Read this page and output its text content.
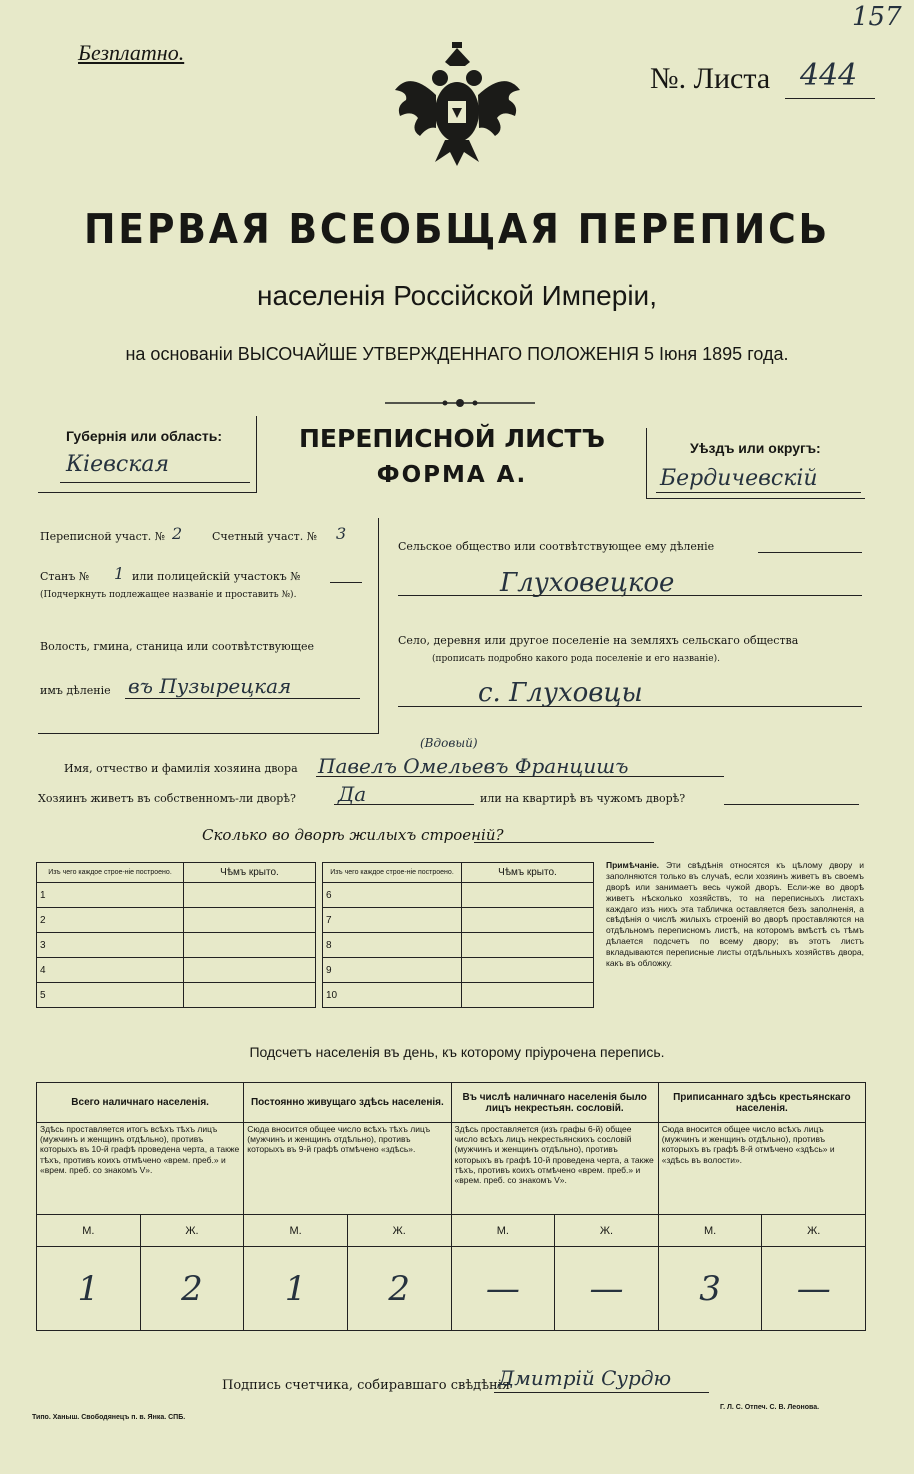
Безплатно.
157
№. Листа 444
ПЕРВАЯ ВСЕОБЩАЯ ПЕРЕПИСЬ
населенія Россійской Имперіи,
на основаніи ВЫСОЧАЙШЕ УТВЕРЖДЕННАГО ПОЛОЖЕНІЯ 5 Іюня 1895 года.
Губернія или область:
Кіевская
ПЕРЕПИСНОЙ ЛИСТЪ
ФОРМА А.
Уѣздъ или округъ:
Бердичевскій
Переписной участ. № 2	Счетный участ. № 3
Станъ № 1 или полицейскій участокъ №
(Подчеркнуть подлежащее названіе и проставить №).
Волость, гмина, станица или соотвѣтствующее
имъ дѣленіе въ Пузырецкая
Сельское общество или соотвѣтствующее ему дѣленіе
Глуховецкое
Село, деревня или другое поселеніе на земляхъ сельскаго общества
(прописать подробно какого рода поселеніе и его названіе).
с. Глуховцы
Имя, отчество и фамилія хозяина двора
(Вдовый)
Павелъ Омельевъ Францишъ
Хозяинъ живетъ въ собственномъ-ли дворѣ? Да	или на квартирѣ въ чужомъ дворѣ?
Сколько во дворѣ жилыхъ строеній?
Изъ чего каждое строе-ніе построено.	Чѣмъ крыто.
1	
2	
3	
4	
5	
Изъ чего каждое строе-ніе построено.	Чѣмъ крыто.
6	
7	
8	
9	
10	
Примѣчаніе. Эти свѣдѣнія относятся къ цѣлому двору и заполняются только въ случаѣ, если хозяинъ живетъ въ своемъ дворѣ или занимаетъ весь чужой дворъ. Если-же во дворѣ живетъ нѣсколько хозяйствъ, то на переписныхъ листахъ каждаго изъ нихъ эта табличка оставляется безъ заполненія, а свѣдѣнія о числѣ жилыхъ строеній во дворѣ проставляются на отдѣльномъ переписномъ листѣ, на которомъ вмѣстѣ съ тѣмъ дѣлается подсчетъ по всему двору; въ этотъ листъ вкладываются переписные листы отдѣльныхъ хозяйствъ двора, какъ въ обложку.
Подсчетъ населенія въ день, къ которому пріурочена перепись.
Всего наличнаго населенія.		Постоянно живущаго здѣсь населенія.		Въ числѣ наличнаго населенія было лицъ некрестьян. сословій.		Приписаннаго здѣсь крестьянскаго населенія.	
Здѣсь проставляется итогъ всѣхъ тѣхъ лицъ (мужчинъ и женщинъ отдѣльно), противъ которыхъ въ 10-й графѣ проведена черта, а также тѣхъ, противъ коихъ отмѣчено «врем. преб.» и «врем. преб. со знакомъ V».		Сюда вносится общее число всѣхъ тѣхъ лицъ (мужчинъ и женщинъ отдѣльно), противъ которыхъ въ 9-й графѣ отмѣчено «здѣсь».		Здѣсь проставляется (изъ графы 6-й) общее число всѣхъ лицъ некрестьянскихъ сословій (мужчинъ и женщинъ отдѣльно), противъ которыхъ въ графѣ 10-й проведена черта, а также тѣхъ, противъ коихъ отмѣчено «врем. преб.» и «врем. преб. со знакомъ V».		Сюда вносится общее число всѣхъ лицъ (мужчинъ и женщинъ отдѣльно), противъ которыхъ въ графѣ 8-й отмѣчено «здѣсь» и «здѣсь въ волости».	
М.	Ж.	М.	Ж.	М.	Ж.	М.	Ж.
1	2	1	2	—	—	3	—
Подпись счетчика, собиравшаго свѣдѣнія
Дмитрій Сурдю
Типо. Ханыш. Свободянецъ п. в. Янка. СПБ.
Г. Л. С. Отпеч. С. В. Леонова.
